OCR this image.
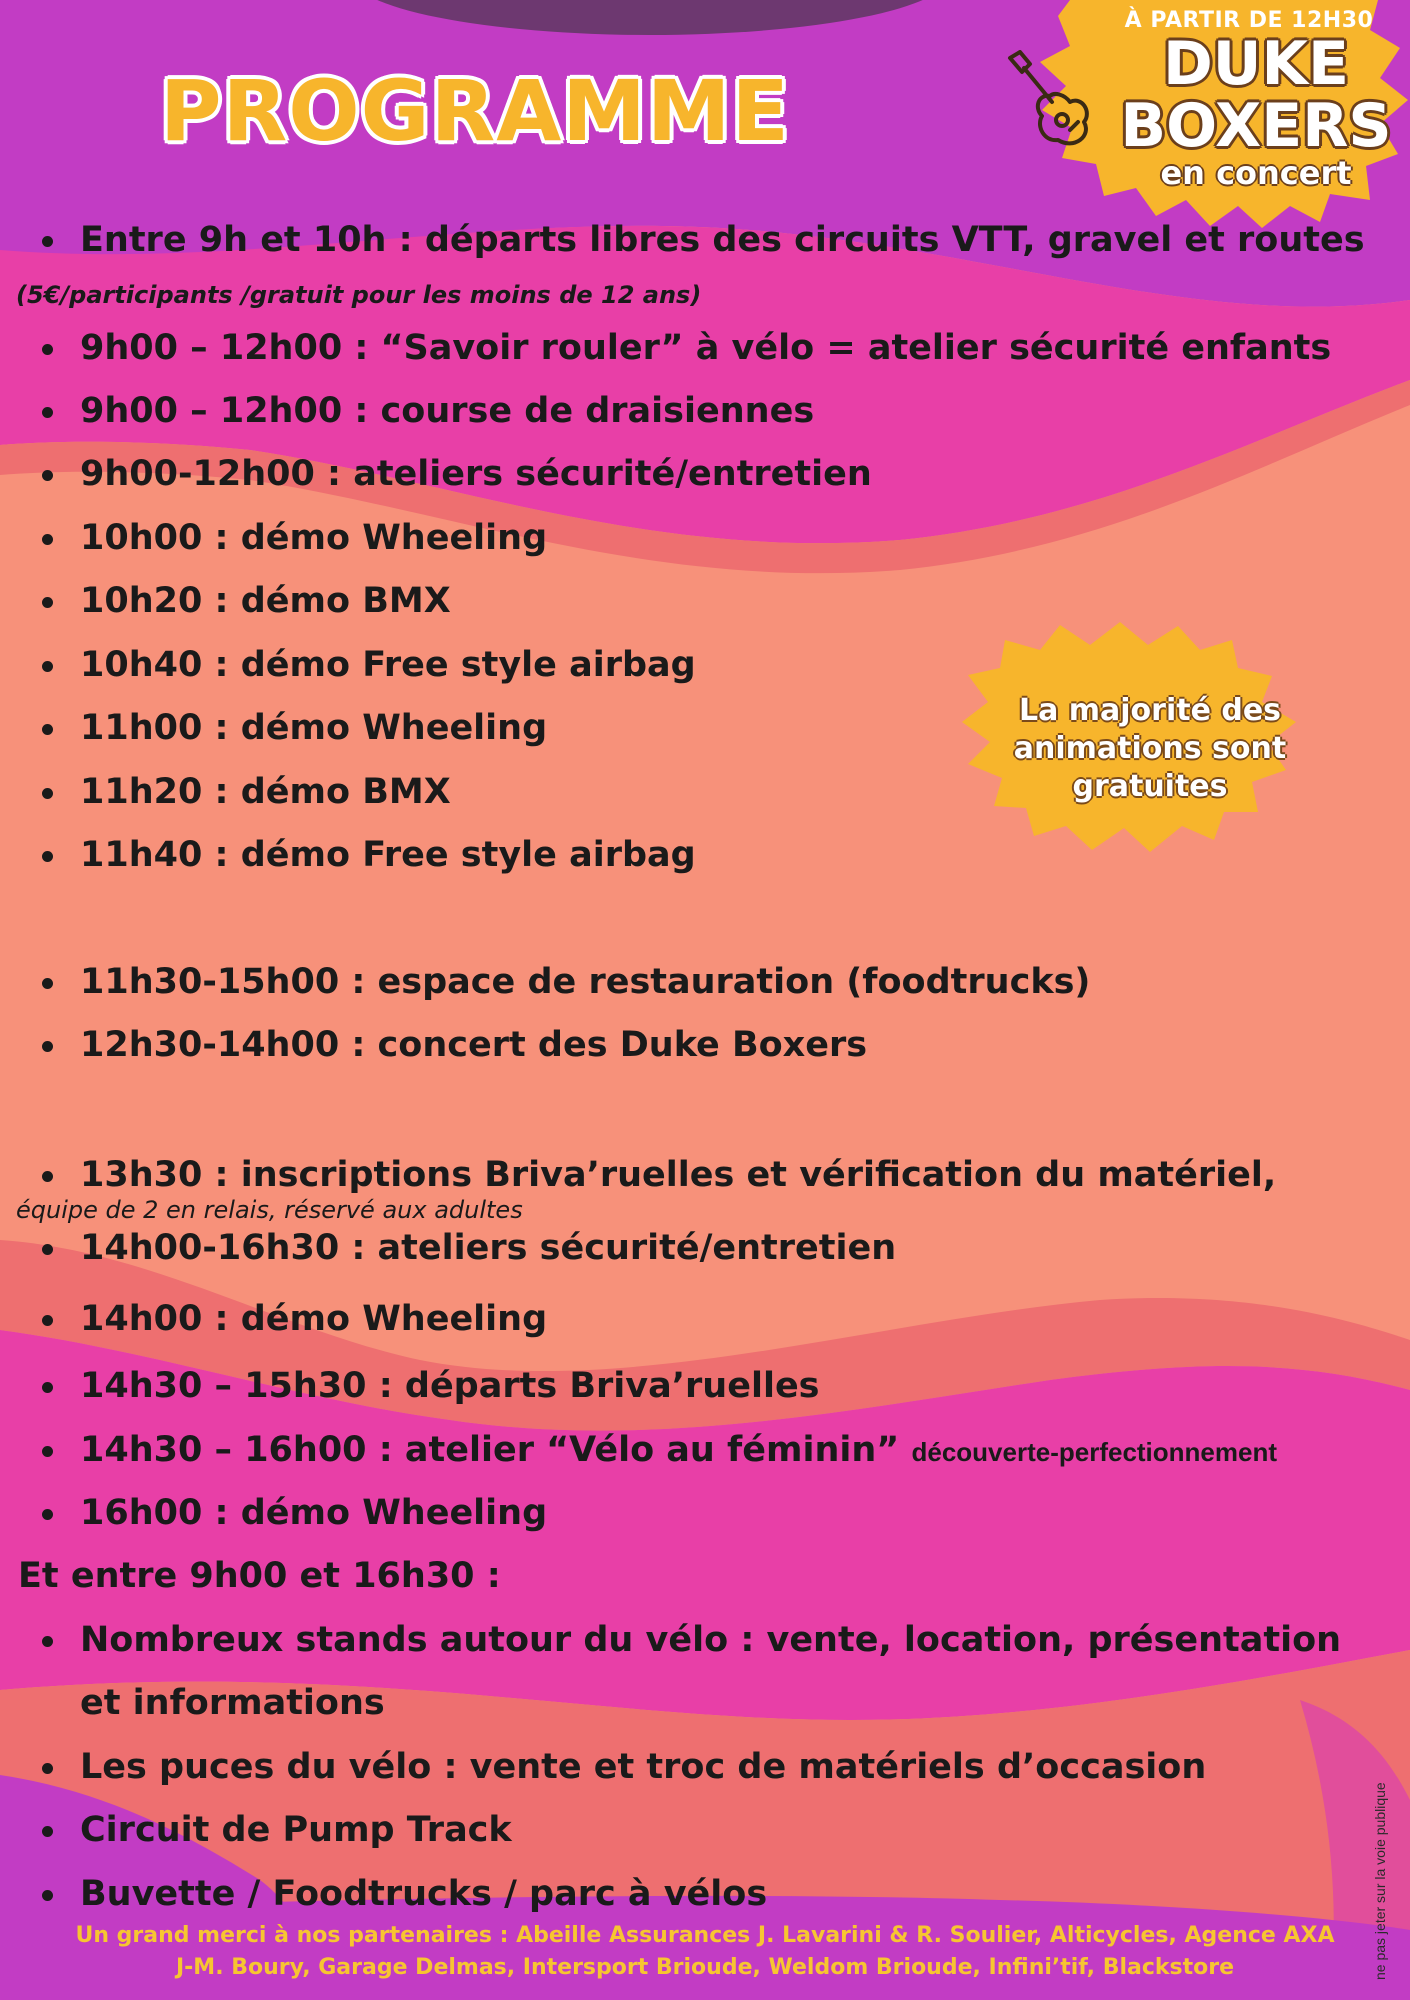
PROGRAMME
À PARTIR DE 12H30
DUKE
BOXERS
en concert
La majorité des
animations sont
gratuites
Entre 9h et 10h : départs libres des circuits VTT, gravel et routes
(5€/participants /gratuit pour les moins de 12 ans)
9h00 – 12h00 : “Savoir rouler” à vélo = atelier sécurité enfants
9h00 – 12h00 : course de draisiennes
9h00-12h00 : ateliers sécurité/entretien
10h00 : démo Wheeling
10h20 : démo BMX
10h40 : démo Free style airbag
11h00 : démo Wheeling
11h20 : démo BMX
11h40 : démo Free style airbag
11h30-15h00 : espace de restauration (foodtrucks)
12h30-14h00 : concert des Duke Boxers
13h30 : inscriptions Briva’ruelles et vérification du matériel,
équipe de 2 en relais, réservé aux adultes
14h00-16h30 : ateliers sécurité/entretien
14h00 : démo Wheeling
14h30 – 15h30 : départs Briva’ruelles
14h30 – 16h00 : atelier “Vélo au féminin” découverte-perfectionnement
16h00 : démo Wheeling
Et entre 9h00 et 16h30 :
Nombreux stands autour du vélo : vente, location, présentation
et informations
Les puces du vélo : vente et troc de matériels d’occasion
Circuit de Pump Track
Buvette / Foodtrucks / parc à vélos
Un grand merci à nos partenaires : Abeille Assurances J. Lavarini & R. Soulier, Alticycles, Agence AXA
J-M. Boury, Garage Delmas, Intersport Brioude, Weldom Brioude, Infini’tif, Blackstore	ne pas jeter sur la voie publique
